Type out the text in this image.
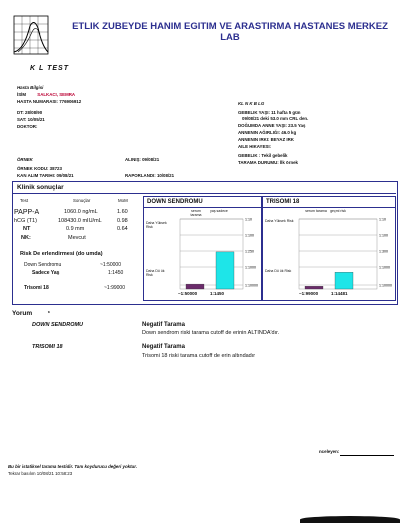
K L TEST
ETLIK ZUBEYDE HANIM EGITIM VE ARASTIRMA HASTANES MERKEZ LAB
Hasta Bilgisi
İSİM	SALKACI, SEMRA
HASTA NUMARASI: 776906912
DT: 28/08/90
SAT: 10/05/21
DOKTOR:
KL N K B LG
GEBELIK YAŞI: 11 hafta 5 gün
09/08/21 deki 53.0 mm CRL den.
DOĞUMDA ANNE YAŞI: 23.5 Yaş
ANNENIN AĞIRLIĞI: 46.0 kg
ANNENIN IRKI: BEYAZ IRK
AILE HIKAYESI:
GEBELIK : Tekil gebelik
TARAMA DURUMU: İlk örnek
ÖRNEK	ALINIŞ: 09/08/21
ÖRNEK KODU: 38723
KAN ALIM TARIHI: 09/08/21	RAPORLANDI: 10/08/21
Klinik sonuçlar
Test	Sonuçlar	MoM
PAPP-A	1060.0 ng/mL	1.60
hCG (T1)	108430.0 mIU/mL	0.98
NT	0.9 mm	0.64
NK:	Mevcut
Risk De erlendirmesi (do umda)
Down Sendromu	~1:50000
Sadece Yaş	1:1450
Trisomi 18	~1:99000
DOWN SENDROMU
serum tarama
yaş sadece
Daha Yüksek Risk
Daha Dü ük Risk
1:10
1:100
1:250
1:1000
1:10000
~1:50000	1:1450
TRISOMI 18
serum tarama geçmi risk
Daha Yüksek Risk
Daha Dü ük Risk
1:10
1:100
1:300
1:1000
1:10000
~1:99000	1:14481
Yorum	*
DOWN SENDROMU	Negatif Tarama
Down sendrom riski tarama cutoff de erinin ALTINDA'dır.
TRISOMI 18	Negatif Tarama
Trisomi 18 riski tarama cutoff de erin altındadır
nceleyen:
Bu bir istatiksel tarama testidir. Tanı koydurucu değeri yoktur.
Tekrar basılım 10/08/21 10:58:23
